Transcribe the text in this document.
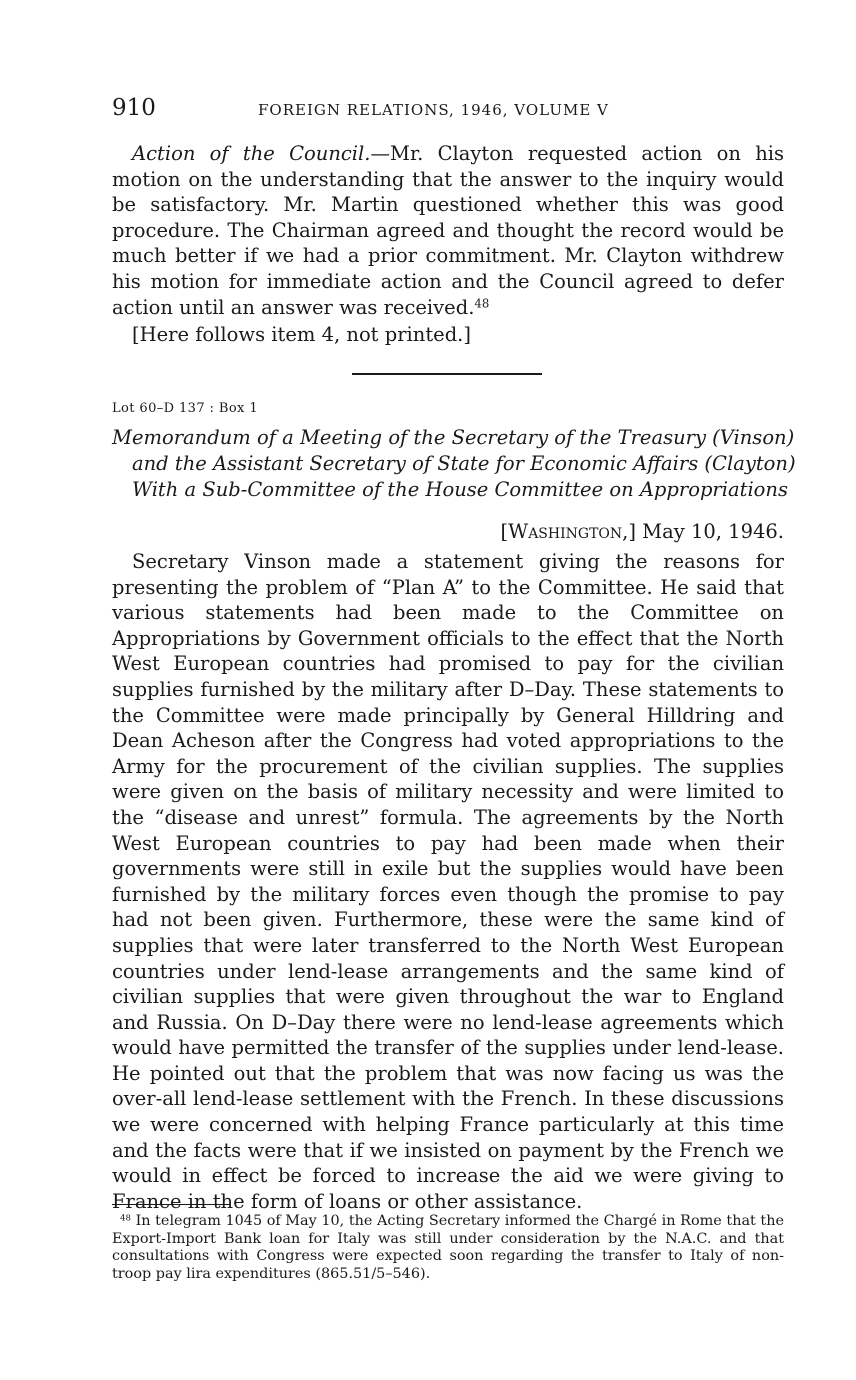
910	FOREIGN RELATIONS, 1946, VOLUME V

Action of the Council.—Mr. Clayton requested action on his motion on the understanding that the answer to the inquiry would be satisfactory. Mr. Martin questioned whether this was good procedure. The Chairman agreed and thought the record would be much better if we had a prior commitment. Mr. Clayton withdrew his motion for immediate action and the Council agreed to defer action until an answer was received.$^{48}$

[Here follows item 4, not printed.]
Lot 60–D 137 : Box 1
Memorandum of a Meeting of the Secretary of the Treasury (Vinson)
and the Assistant Secretary of State for Economic Affairs (Clayton)
With a Sub-Committee of the House Committee on Appropriations
[Washington,] May 10, 1946.

Secretary Vinson made a statement giving the reasons for presenting the problem of “Plan A” to the Committee. He said that various statements had been made to the Committee on Appropriations by Government officials to the effect that the North West European countries had promised to pay for the civilian supplies furnished by the military after D–Day. These statements to the Committee were made principally by General Hilldring and Dean Acheson after the Congress had voted appropriations to the Army for the procurement of the civilian supplies. The supplies were given on the basis of military necessity and were limited to the “disease and unrest” formula. The agreements by the North West European countries to pay had been made when their governments were still in exile but the supplies would have been furnished by the military forces even though the promise to pay had not been given. Furthermore, these were the same kind of supplies that were later transferred to the North West European countries under lend-lease arrangements and the same kind of civilian supplies that were given throughout the war to England and Russia. On D–Day there were no lend-lease agreements which would have permitted the transfer of the supplies under lend-lease. He pointed out that the problem that was now facing us was the over-all lend-lease settlement with the French. In these discussions we were concerned with helping France particularly at this time and the facts were that if we insisted on payment by the French we would in effect be forced to increase the aid we were giving to France in the form of loans or other assistance.

$^{48}$ In telegram 1045 of May 10, the Acting Secretary informed the Chargé in Rome that the Export-Import Bank loan for Italy was still under consideration by the N.A.C. and that consultations with Congress were expected soon regarding the transfer to Italy of non-troop pay lira expenditures (865.51/5–546).
